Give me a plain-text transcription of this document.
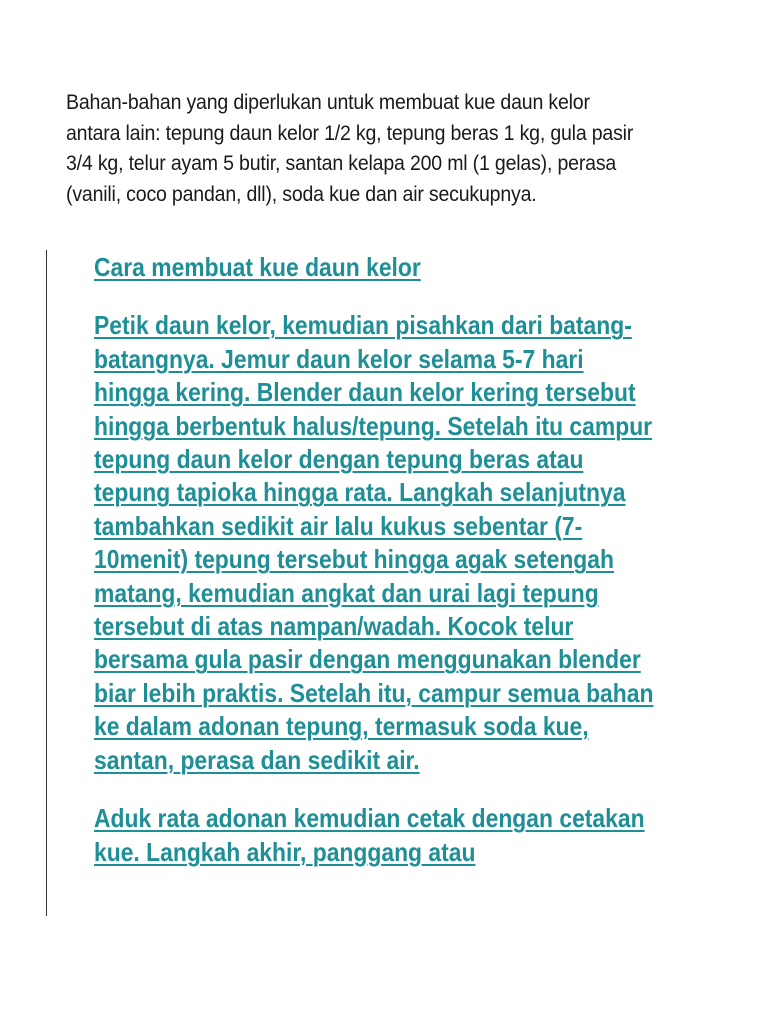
Bahan-bahan yang diperlukan untuk membuat kue daun kelor antara lain: tepung daun kelor 1/2 kg, tepung beras 1 kg, gula pasir 3/4 kg, telur ayam 5 butir, santan kelapa 200 ml (1 gelas), perasa (vanili, coco pandan, dll), soda kue dan air secukupnya.

Cara membuat kue daun kelor

Petik daun kelor, kemudian pisahkan dari batang-batangnya. Jemur daun kelor selama 5-7 hari hingga kering. Blender daun kelor kering tersebut hingga berbentuk halus/tepung. Setelah itu campur tepung daun kelor dengan tepung beras atau tepung tapioka hingga rata. Langkah selanjutnya tambahkan sedikit air lalu kukus sebentar (7-10menit) tepung tersebut hingga agak setengah matang, kemudian angkat dan urai lagi tepung tersebut di atas nampan/wadah. Kocok telur bersama gula pasir dengan menggunakan blender biar lebih praktis. Setelah itu, campur semua bahan ke dalam adonan tepung, termasuk soda kue, santan, perasa dan sedikit air.

Aduk rata adonan kemudian cetak dengan cetakan kue. Langkah akhir, panggang atau
